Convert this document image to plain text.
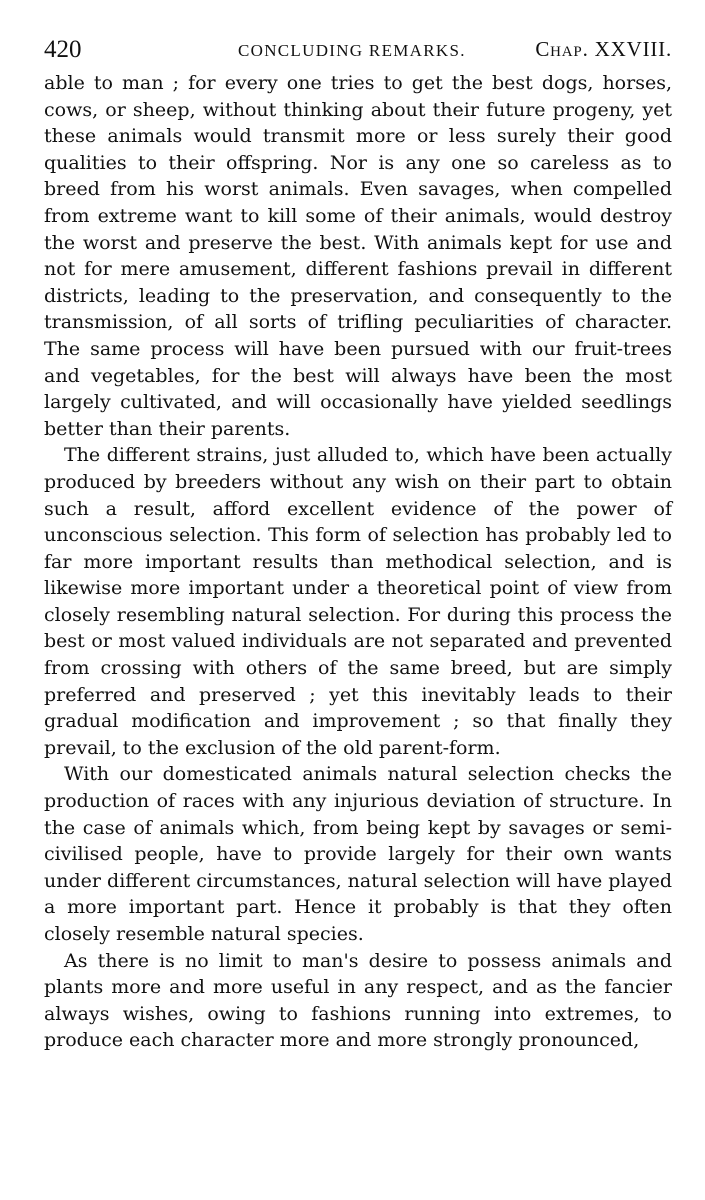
420	CONCLUDING REMARKS.	Chap. XXVIII.

able to man ; for every one tries to get the best dogs, horses, cows, or sheep, without thinking about their future progeny, yet these animals would transmit more or less surely their good qualities to their offspring. Nor is any one so careless as to breed from his worst animals. Even savages, when compelled from extreme want to kill some of their animals, would destroy the worst and preserve the best. With animals kept for use and not for mere amusement, different fashions prevail in different districts, leading to the preservation, and consequently to the transmission, of all sorts of trifling peculiarities of character. The same process will have been pursued with our fruit-trees and vegetables, for the best will always have been the most largely cultivated, and will occasionally have yielded seedlings better than their parents.

The different strains, just alluded to, which have been actually produced by breeders without any wish on their part to obtain such a result, afford excellent evidence of the power of unconscious selection. This form of selection has probably led to far more important results than methodical selection, and is likewise more important under a theoretical point of view from closely resembling natural selection. For during this process the best or most valued individuals are not separated and prevented from crossing with others of the same breed, but are simply preferred and preserved ; yet this inevitably leads to their gradual modification and improvement ; so that finally they prevail, to the exclusion of the old parent-form.

With our domesticated animals natural selection checks the production of races with any injurious deviation of structure. In the case of animals which, from being kept by savages or semi-civilised people, have to provide largely for their own wants under different circumstances, natural selection will have played a more important part. Hence it probably is that they often closely resemble natural species.

As there is no limit to man's desire to possess animals and plants more and more useful in any respect, and as the fancier always wishes, owing to fashions running into extremes, to produce each character more and more strongly pronounced,
